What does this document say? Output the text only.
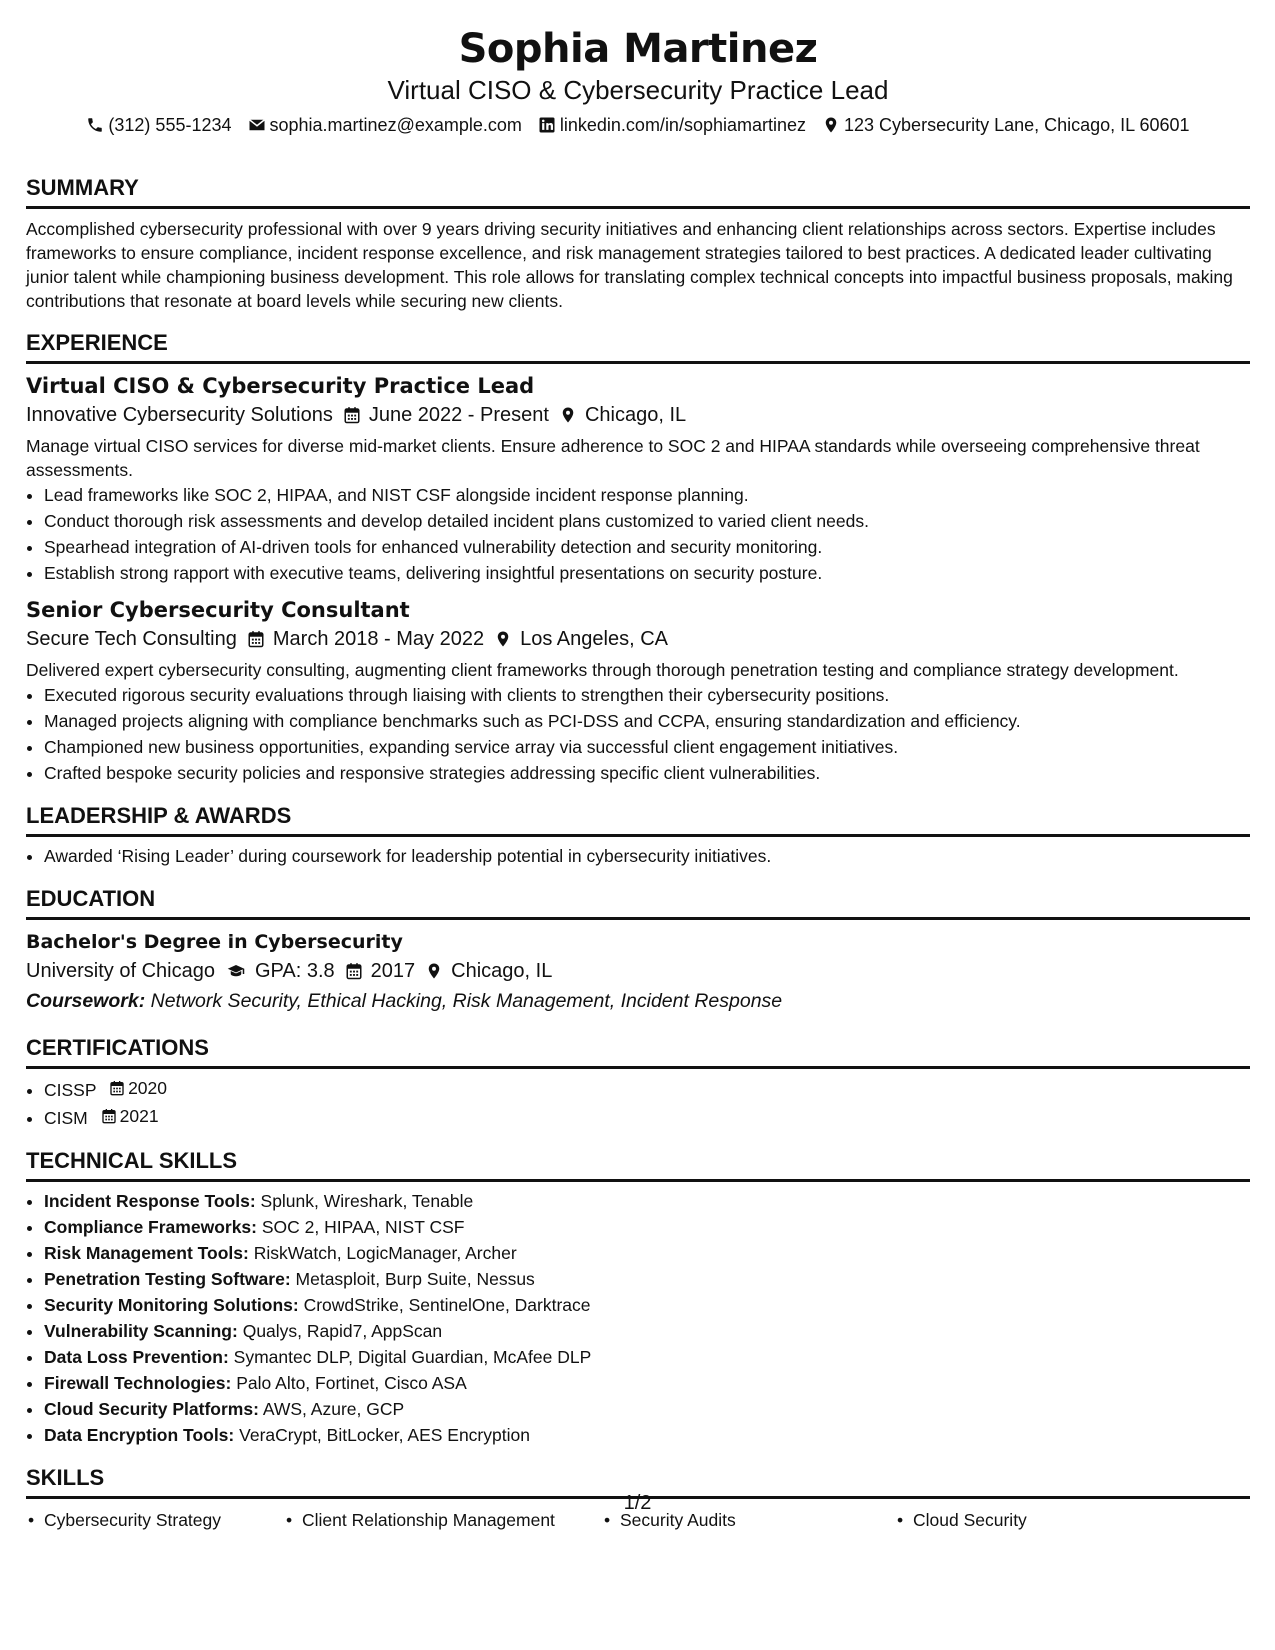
Sophia Martinez
Virtual CISO & Cybersecurity Practice Lead
(312) 555-1234 sophia.martinez@example.com linkedin.com/in/sophiamartinez 123 Cybersecurity Lane, Chicago, IL 60601
SUMMARY
Accomplished cybersecurity professional with over 9 years driving security initiatives and enhancing client relationships across sectors. Expertise includes frameworks to ensure compliance, incident response excellence, and risk management strategies tailored to best practices. A dedicated leader cultivating junior talent while championing business development. This role allows for translating complex technical concepts into impactful business proposals, making contributions that resonate at board levels while securing new clients.
EXPERIENCE
Virtual CISO & Cybersecurity Practice Lead
Innovative Cybersecurity Solutions June 2022 - Present Chicago, IL
Manage virtual CISO services for diverse mid-market clients. Ensure adherence to SOC 2 and HIPAA standards while overseeing comprehensive threat assessments.
• Lead frameworks like SOC 2, HIPAA, and NIST CSF alongside incident response planning.
• Conduct thorough risk assessments and develop detailed incident plans customized to varied client needs.
• Spearhead integration of AI-driven tools for enhanced vulnerability detection and security monitoring.
• Establish strong rapport with executive teams, delivering insightful presentations on security posture.
Senior Cybersecurity Consultant
Secure Tech Consulting March 2018 - May 2022 Los Angeles, CA
Delivered expert cybersecurity consulting, augmenting client frameworks through thorough penetration testing and compliance strategy development.
• Executed rigorous security evaluations through liaising with clients to strengthen their cybersecurity positions.
• Managed projects aligning with compliance benchmarks such as PCI-DSS and CCPA, ensuring standardization and efficiency.
• Championed new business opportunities, expanding service array via successful client engagement initiatives.
• Crafted bespoke security policies and responsive strategies addressing specific client vulnerabilities.
LEADERSHIP & AWARDS
• Awarded ‘Rising Leader’ during coursework for leadership potential in cybersecurity initiatives.
EDUCATION
Bachelor's Degree in Cybersecurity
University of Chicago GPA: 3.8 2017 Chicago, IL
Coursework: Network Security, Ethical Hacking, Risk Management, Incident Response
CERTIFICATIONS
• CISSP 2020
• CISM 2021
TECHNICAL SKILLS
• Incident Response Tools: Splunk, Wireshark, Tenable
• Compliance Frameworks: SOC 2, HIPAA, NIST CSF
• Risk Management Tools: RiskWatch, LogicManager, Archer
• Penetration Testing Software: Metasploit, Burp Suite, Nessus
• Security Monitoring Solutions: CrowdStrike, SentinelOne, Darktrace
• Vulnerability Scanning: Qualys, Rapid7, AppScan
• Data Loss Prevention: Symantec DLP, Digital Guardian, McAfee DLP
• Firewall Technologies: Palo Alto, Fortinet, Cisco ASA
• Cloud Security Platforms: AWS, Azure, GCP
• Data Encryption Tools: VeraCrypt, BitLocker, AES Encryption
SKILLS
• Cybersecurity Strategy	• Client Relationship Management	• Security Audits	• Cloud Security
1/2
